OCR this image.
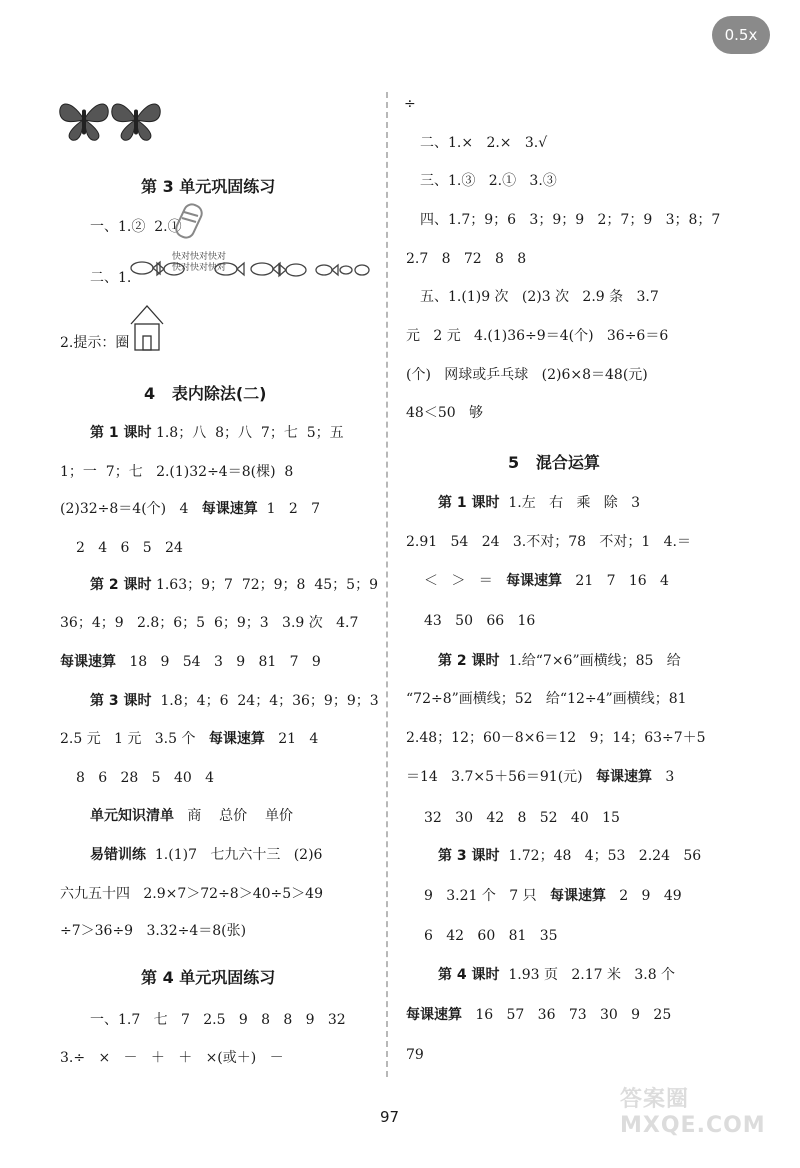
0.5x
第 3 单元巩固练习
一、1.②  2.①
二、1.
快对快对快对
快对快对快对
2.提示：圈
4   表内除法(二)
第 1 课时 1.8；八  8；八  7；七  5；五
1；一  7；七   2.(1)32÷4＝8(棵)  8
(2)32÷8＝4(个)   4   每课速算  1   2   7
2   4   6   5   24
第 2 课时 1.63；9；7  72；9；8  45；5；9
36；4；9   2.8；6；5  6；9；3   3.9 次   4.7
每课速算   18   9   54   3   9   81   7   9
第 3 课时  1.8；4；6  24；4；36；9；9；3
2.5 元   1 元   3.5 个   每课速算   21   4
8   6   28   5   40   4
单元知识清单   商    总价    单价
易错训练  1.(1)7   七九六十三   (2)6
六九五十四   2.9×7＞72÷8＞40÷5＞49
÷7＞36÷9   3.32÷4＝8(张)
第 4 单元巩固练习
一、1.7   七   7   2.5   9   8   8   9   32
3.÷   ×   －   ＋   ＋   ×(或＋)   －
÷
二、1.×   2.×   3.√
三、1.③   2.①   3.③
四、1.7；9；6   3；9；9   2；7；9   3；8；7
2.7   8   72   8   8
五、1.(1)9 次   (2)3 次   2.9 条   3.7
元   2 元   4.(1)36÷9＝4(个)   36÷6＝6
(个)   网球或乒乓球   (2)6×8＝48(元)
48＜50   够
5   混合运算
第 1 课时  1.左   右   乘   除   3
2.91   54   24   3.不对；78   不对；1   4.＝
＜   ＞   ＝   每课速算   21   7   16   4
43   50   66   16
第 2 课时  1.给“7×6”画横线；85   给
“72÷8”画横线；52   给“12÷4”画横线；81
2.48；12；60－8×6＝12   9；14；63÷7＋5
＝14   3.7×5＋56＝91(元)   每课速算   3
32   30   42   8   52   40   15
第 3 课时  1.72；48   4；53   2.24   56
9   3.21 个   7 只   每课速算   2   9   49
6   42   60   81   35
第 4 课时  1.93 页   2.17 米   3.8 个
每课速算   16   57   36   73   30   9   25
79
97
答案圈 MXQE.COM
